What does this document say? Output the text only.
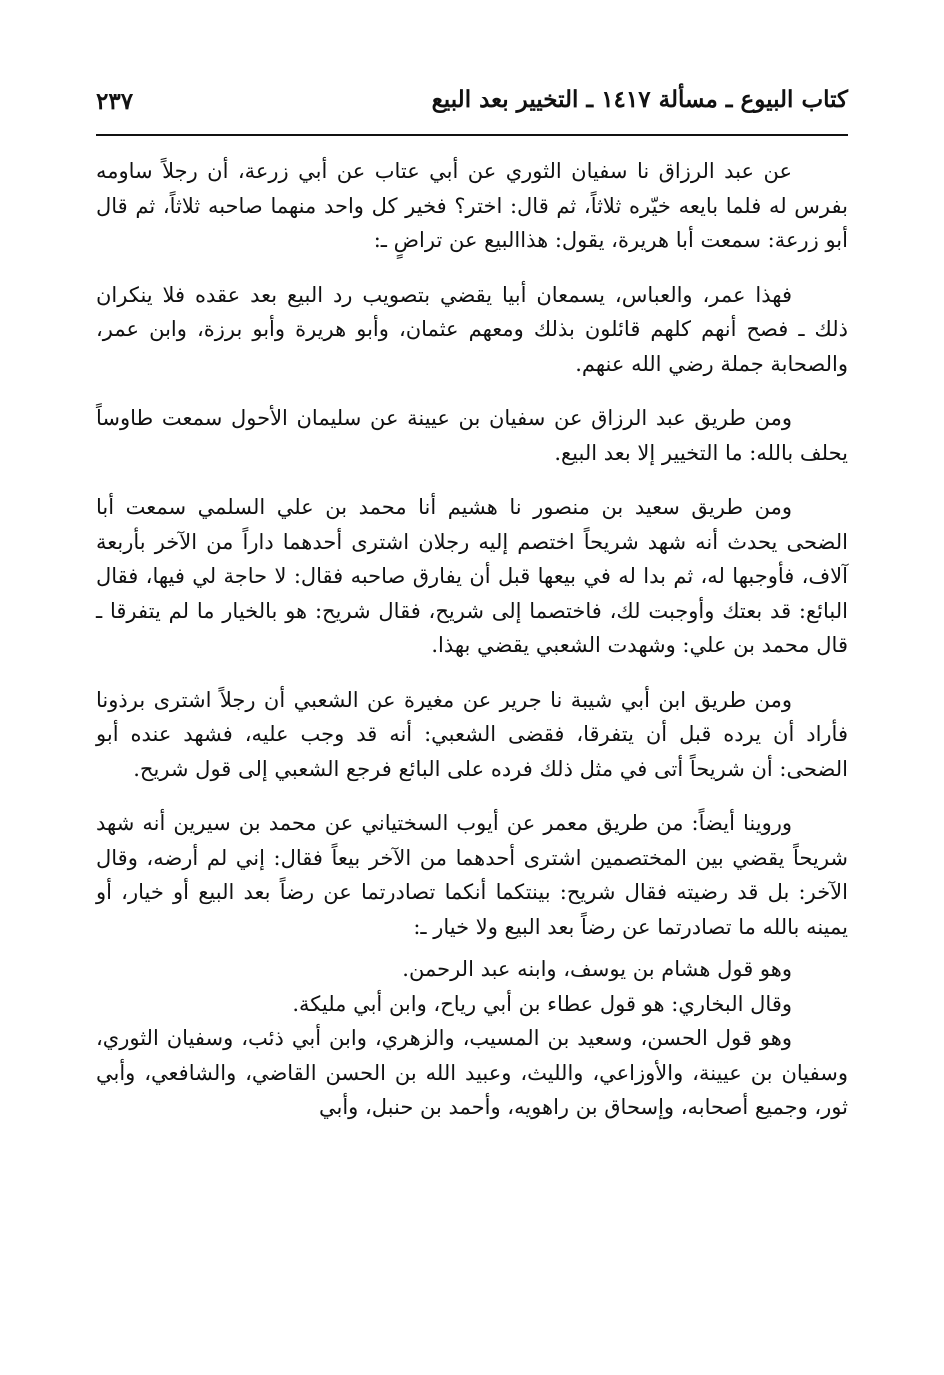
كتاب البيوع ـ مسألة ١٤١٧ ـ التخيير بعد البيع
٢٣٧

عن عبد الرزاق نا سفيان الثوري عن أبي عتاب عن أبي زرعة، أن رجلاً ساومه بفرس له فلما بايعه خيّره ثلاثاً، ثم قال: اختر؟ فخير كل واحد منهما صاحبه ثلاثاً، ثم قال أبو زرعة: سمعت أبا هريرة، يقول: هذاالبيع عن تراضٍ ـ:

فهذا عمر، والعباس، يسمعان أبيا يقضي بتصويب رد البيع بعد عقده فلا ينكران ذلك ـ فصح أنهم كلهم قائلون بذلك ومعهم عثمان، وأبو هريرة وأبو برزة، وابن عمر، والصحابة جملة رضي الله عنهم.

ومن طريق عبد الرزاق عن سفيان بن عيينة عن سليمان الأحول سمعت طاوساً يحلف بالله: ما التخيير إلا بعد البيع.

ومن طريق سعيد بن منصور نا هشيم أنا محمد بن علي السلمي سمعت أبا الضحى يحدث أنه شهد شريحاً اختصم إليه رجلان اشترى أحدهما داراً من الآخر بأربعة آلاف، فأوجبها له، ثم بدا له في بيعها قبل أن يفارق صاحبه فقال: لا حاجة لي فيها، فقال البائع: قد بعتك وأوجبت لك، فاختصما إلى شريح، فقال شريح: هو بالخيار ما لم يتفرقا ـ قال محمد بن علي: وشهدت الشعبي يقضي بهذا.

ومن طريق ابن أبي شيبة نا جرير عن مغيرة عن الشعبي أن رجلاً اشترى برذونا فأراد أن يرده قبل أن يتفرقا، فقضى الشعبي: أنه قد وجب عليه، فشهد عنده أبو الضحى: أن شريحاً أتى في مثل ذلك فرده على البائع فرجع الشعبي إلى قول شريح.

وروينا أيضاً: من طريق معمر عن أيوب السختياني عن محمد بن سيرين أنه شهد شريحاً يقضي بين المختصمين اشترى أحدهما من الآخر بيعاً فقال: إني لم أرضه، وقال الآخر: بل قد رضيته فقال شريح: بينتكما أنكما تصادرتما عن رضاً بعد البيع أو خيار، أو يمينه بالله ما تصادرتما عن رضاً بعد البيع ولا خيار ـ:

وهو قول هشام بن يوسف، وابنه عبد الرحمن.

وقال البخاري: هو قول عطاء بن أبي رياح، وابن أبي مليكة.

وهو قول الحسن، وسعيد بن المسيب، والزهري، وابن أبي ذئب، وسفيان الثوري، وسفيان بن عيينة، والأوزاعي، والليث، وعبيد الله بن الحسن القاضي، والشافعي، وأبي ثور، وجميع أصحابه، وإسحاق بن راهويه، وأحمد بن حنبل، وأبي
